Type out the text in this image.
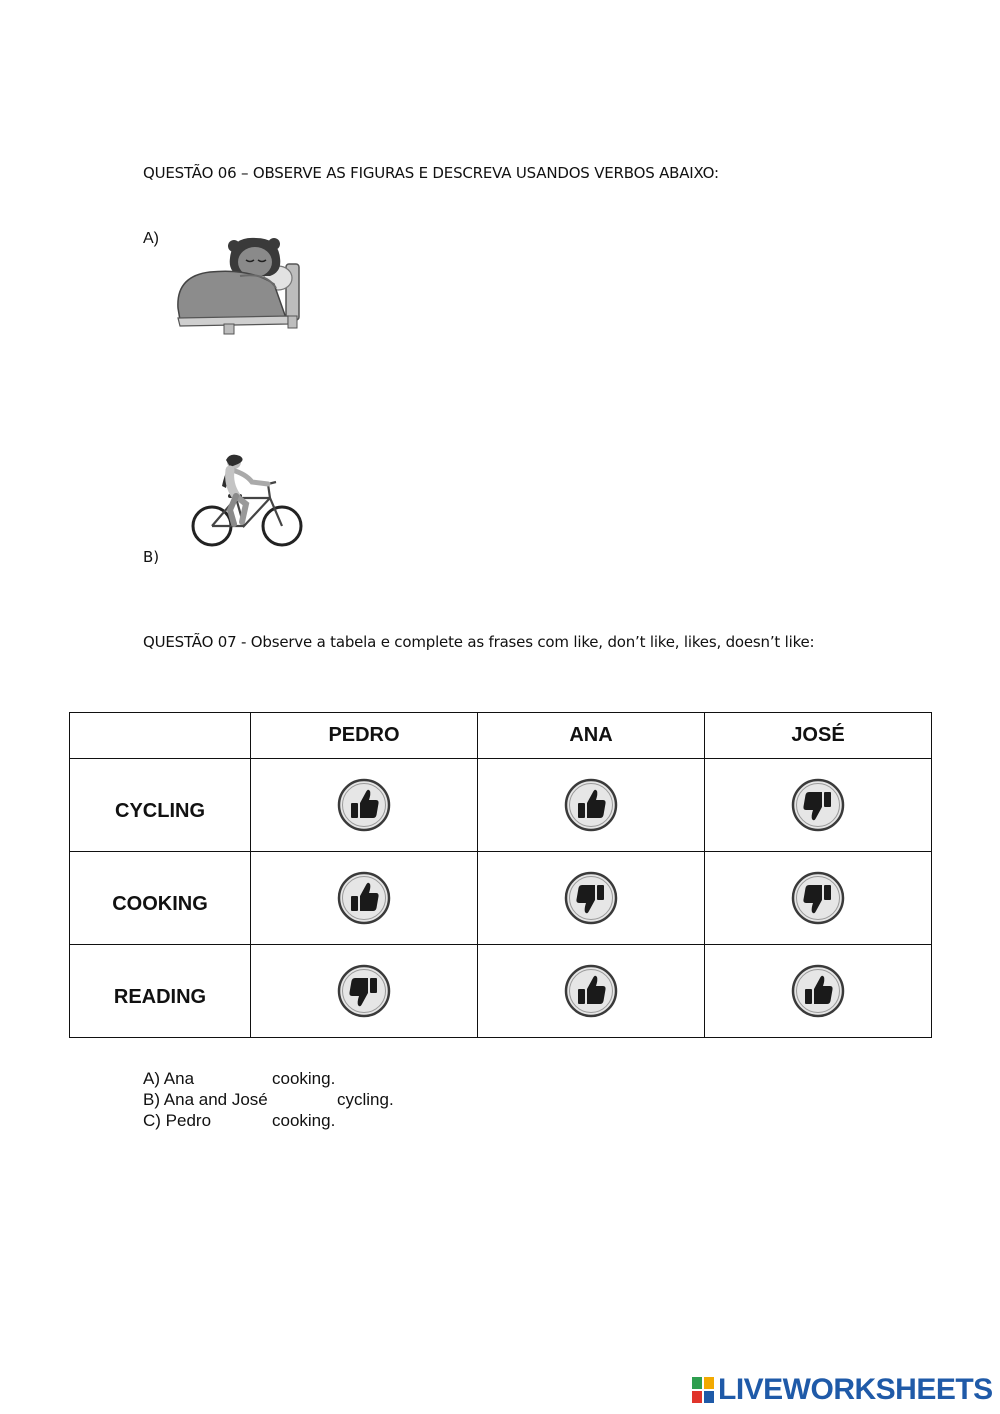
QUESTÃO 06 – OBSERVE AS FIGURAS E DESCREVA USANDOS VERBOS ABAIXO:
A)
B)
QUESTÃO 07 - Observe a tabela e complete as frases com like, don’t like, likes, doesn’t like:
	PEDRO	ANA	JOSÉ
CYCLING			
COOKING			
READING			
A) Ana	cooking.
B) Ana and José	cycling.
C) Pedro	cooking.
LIVEWORKSHEETS
